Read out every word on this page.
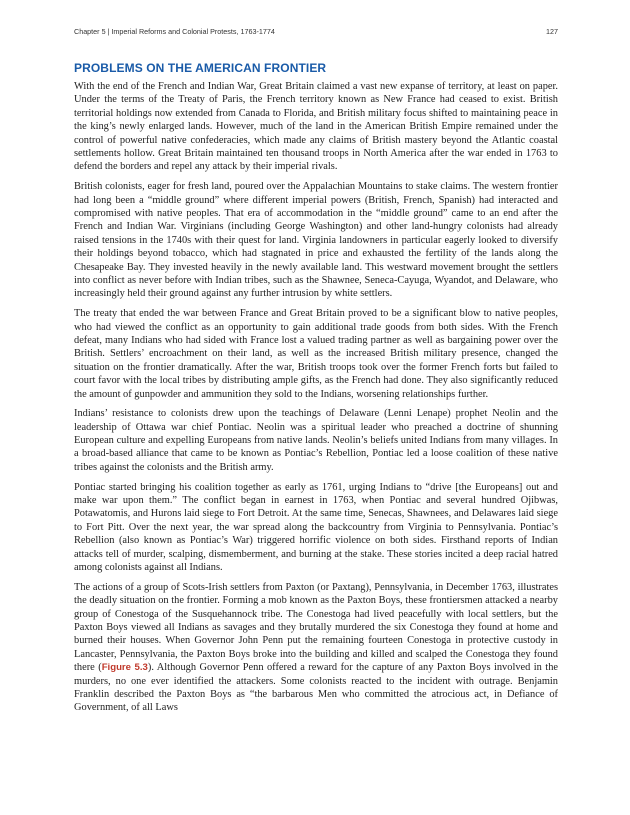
Chapter 5 | Imperial Reforms and Colonial Protests, 1763-1774	127
PROBLEMS ON THE AMERICAN FRONTIER

With the end of the French and Indian War, Great Britain claimed a vast new expanse of territory, at least on paper. Under the terms of the Treaty of Paris, the French territory known as New France had ceased to exist. British territorial holdings now extended from Canada to Florida, and British military focus shifted to maintaining peace in the king’s newly enlarged lands. However, much of the land in the American British Empire remained under the control of powerful native confederacies, which made any claims of British mastery beyond the Atlantic coastal settlements hollow. Great Britain maintained ten thousand troops in North America after the war ended in 1763 to defend the borders and repel any attack by their imperial rivals.

British colonists, eager for fresh land, poured over the Appalachian Mountains to stake claims. The western frontier had long been a “middle ground” where different imperial powers (British, French, Spanish) had interacted and compromised with native peoples. That era of accommodation in the “middle ground” came to an end after the French and Indian War. Virginians (including George Washington) and other land-hungry colonists had already raised tensions in the 1740s with their quest for land. Virginia landowners in particular eagerly looked to diversify their holdings beyond tobacco, which had stagnated in price and exhausted the fertility of the lands along the Chesapeake Bay. They invested heavily in the newly available land. This westward movement brought the settlers into conflict as never before with Indian tribes, such as the Shawnee, Seneca-Cayuga, Wyandot, and Delaware, who increasingly held their ground against any further intrusion by white settlers.

The treaty that ended the war between France and Great Britain proved to be a significant blow to native peoples, who had viewed the conflict as an opportunity to gain additional trade goods from both sides. With the French defeat, many Indians who had sided with France lost a valued trading partner as well as bargaining power over the British. Settlers’ encroachment on their land, as well as the increased British military presence, changed the situation on the frontier dramatically. After the war, British troops took over the former French forts but failed to court favor with the local tribes by distributing ample gifts, as the French had done. They also significantly reduced the amount of gunpowder and ammunition they sold to the Indians, worsening relationships further.

Indians’ resistance to colonists drew upon the teachings of Delaware (Lenni Lenape) prophet Neolin and the leadership of Ottawa war chief Pontiac. Neolin was a spiritual leader who preached a doctrine of shunning European culture and expelling Europeans from native lands. Neolin’s beliefs united Indians from many villages. In a broad-based alliance that came to be known as Pontiac’s Rebellion, Pontiac led a loose coalition of these native tribes against the colonists and the British army.

Pontiac started bringing his coalition together as early as 1761, urging Indians to “drive [the Europeans] out and make war upon them.” The conflict began in earnest in 1763, when Pontiac and several hundred Ojibwas, Potawatomis, and Hurons laid siege to Fort Detroit. At the same time, Senecas, Shawnees, and Delawares laid siege to Fort Pitt. Over the next year, the war spread along the backcountry from Virginia to Pennsylvania. Pontiac’s Rebellion (also known as Pontiac’s War) triggered horrific violence on both sides. Firsthand reports of Indian attacks tell of murder, scalping, dismemberment, and burning at the stake. These stories incited a deep racial hatred among colonists against all Indians.

The actions of a group of Scots-Irish settlers from Paxton (or Paxtang), Pennsylvania, in December 1763, illustrates the deadly situation on the frontier. Forming a mob known as the Paxton Boys, these frontiersmen attacked a nearby group of Conestoga of the Susquehannock tribe. The Conestoga had lived peacefully with local settlers, but the Paxton Boys viewed all Indians as savages and they brutally murdered the six Conestoga they found at home and burned their houses. When Governor John Penn put the remaining fourteen Conestoga in protective custody in Lancaster, Pennsylvania, the Paxton Boys broke into the building and killed and scalped the Conestoga they found there (Figure 5.3). Although Governor Penn offered a reward for the capture of any Paxton Boys involved in the murders, no one ever identified the attackers. Some colonists reacted to the incident with outrage. Benjamin Franklin described the Paxton Boys as “the barbarous Men who committed the atrocious act, in Defiance of Government, of all Laws
